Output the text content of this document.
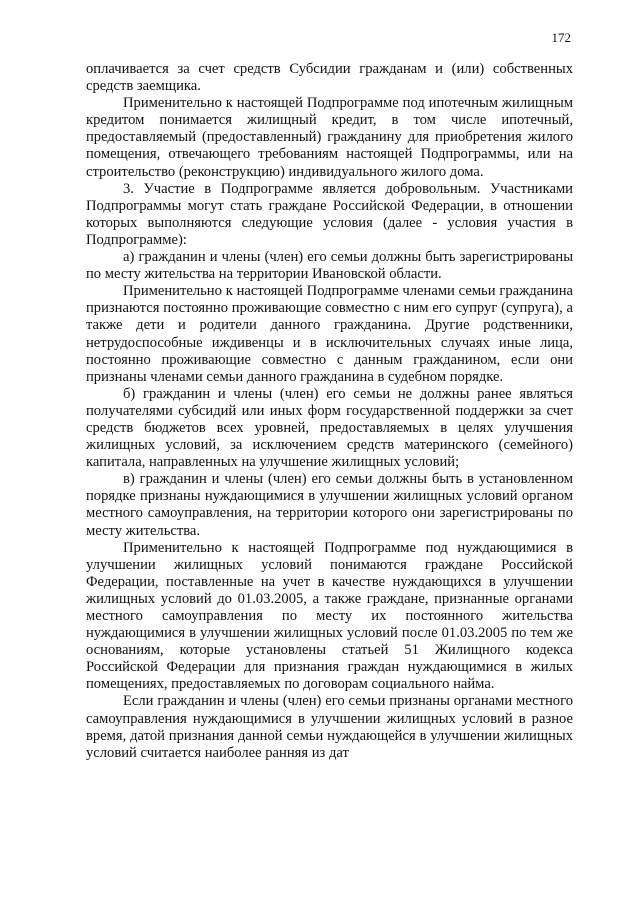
172

оплачивается за счет средств Субсидии гражданам и (или) собственных средств заемщика.

Применительно к настоящей Подпрограмме под ипотечным жилищным кредитом понимается жилищный кредит, в том числе ипотечный, предоставляемый (предоставленный) гражданину для приобретения жилого помещения, отвечающего требованиям настоящей Подпрограммы, или на строительство (реконструкцию) индивидуального жилого дома.

3. Участие в Подпрограмме является добровольным. Участниками Подпрограммы могут стать граждане Российской Федерации, в отношении которых выполняются следующие условия (далее - условия участия в Подпрограмме):

а) гражданин и члены (член) его семьи должны быть зарегистрированы по месту жительства на территории Ивановской области.

Применительно к настоящей Подпрограмме членами семьи гражданина признаются постоянно проживающие совместно с ним его супруг (супруга), а также дети и родители данного гражданина. Другие родственники, нетрудоспособные иждивенцы и в исключительных случаях иные лица, постоянно проживающие совместно с данным гражданином, если они признаны членами семьи данного гражданина в судебном порядке.

б) гражданин и члены (член) его семьи не должны ранее являться получателями субсидий или иных форм государственной поддержки за счет средств бюджетов всех уровней, предоставляемых в целях улучшения жилищных условий, за исключением средств материнского (семейного) капитала, направленных на улучшение жилищных условий;

в) гражданин и члены (член) его семьи должны быть в установленном порядке признаны нуждающимися в улучшении жилищных условий органом местного самоуправления, на территории которого они зарегистрированы по месту жительства.

Применительно к настоящей Подпрограмме под нуждающимися в улучшении жилищных условий понимаются граждане Российской Федерации, поставленные на учет в качестве нуждающихся в улучшении жилищных условий до 01.03.2005, а также граждане, признанные органами местного самоуправления по месту их постоянного жительства нуждающимися в улучшении жилищных условий после 01.03.2005 по тем же основаниям, которые установлены статьей 51 Жилищного кодекса Российской Федерации для признания граждан нуждающимися в жилых помещениях, предоставляемых по договорам социального найма.

Если гражданин и члены (член) его семьи признаны органами местного самоуправления нуждающимися в улучшении жилищных условий в разное время, датой признания данной семьи нуждающейся в улучшении жилищных условий считается наиболее ранняя из дат
